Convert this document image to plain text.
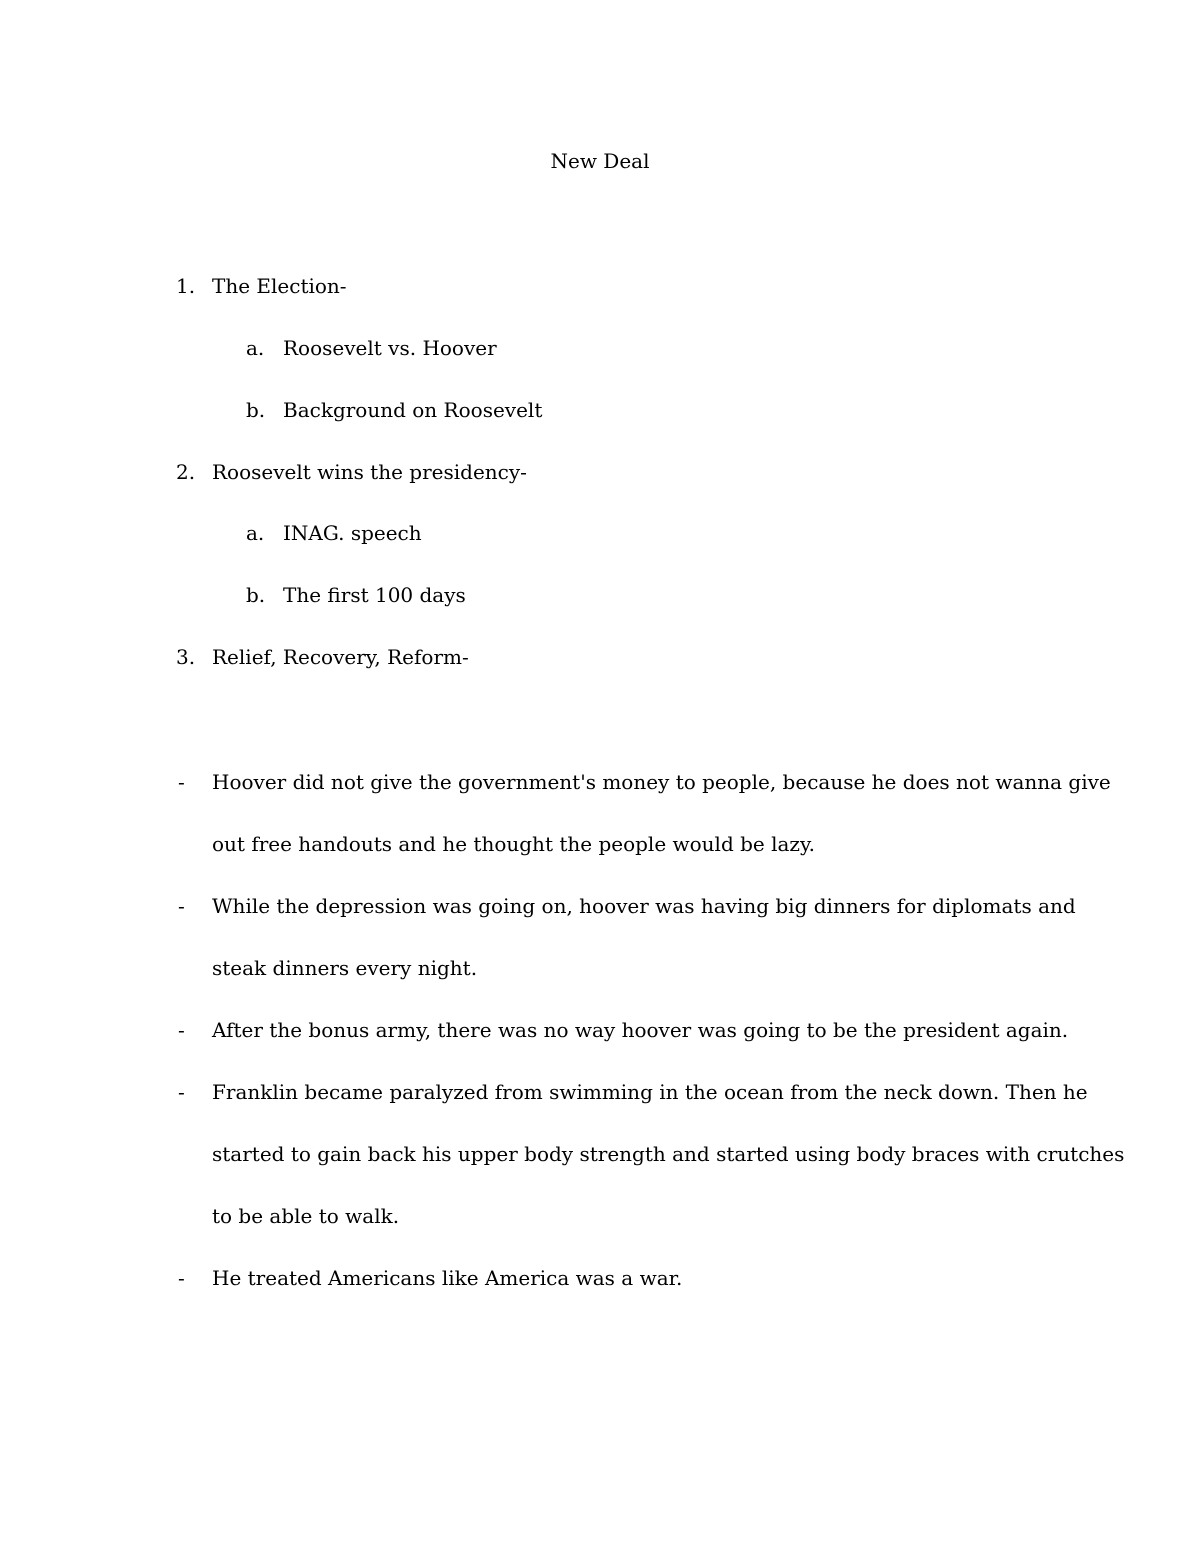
New Deal
1. The Election-
a. Roosevelt vs. Hoover
b. Background on Roosevelt
2. Roosevelt wins the presidency-
a. INAG. speech
b. The first 100 days
3. Relief, Recovery, Reform-
- Hoover did not give the government's money to people, because he does not wanna give
out free handouts and he thought the people would be lazy.
- While the depression was going on, hoover was having big dinners for diplomats and
steak dinners every night.
- After the bonus army, there was no way hoover was going to be the president again.
- Franklin became paralyzed from swimming in the ocean from the neck down. Then he
started to gain back his upper body strength and started using body braces with crutches
to be able to walk.
- He treated Americans like America was a war.
